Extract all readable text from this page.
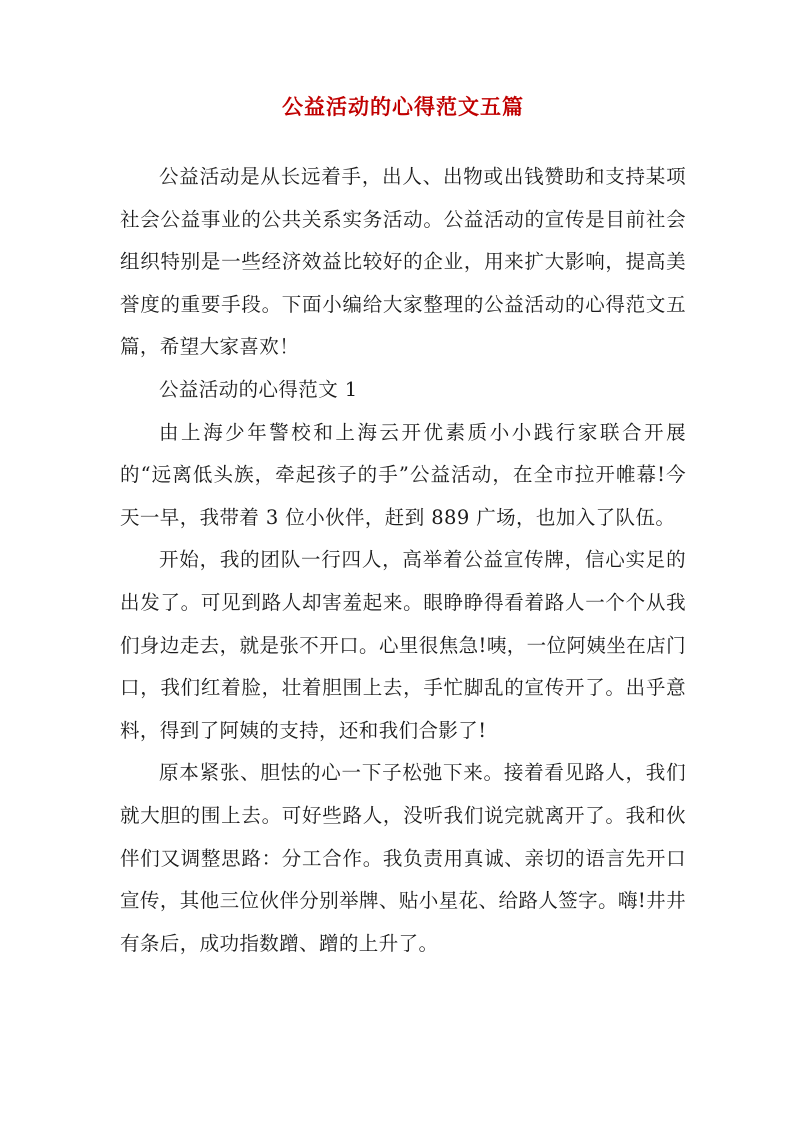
公益活动的心得范文五篇

公益活动是从长远着手，出人、出物或出钱赞助和支持某项社会公益事业的公共关系实务活动。公益活动的宣传是目前社会组织特别是一些经济效益比较好的企业，用来扩大影响，提高美誉度的重要手段。下面小编给大家整理的公益活动的心得范文五篇，希望大家喜欢！

公益活动的心得范文 1

由上海少年警校和上海云开优素质小小践行家联合开展的“远离低头族，牵起孩子的手”公益活动，在全市拉开帷幕!今天一早，我带着 3 位小伙伴，赶到 889 广场，也加入了队伍。

开始，我的团队一行四人，高举着公益宣传牌，信心实足的出发了。可见到路人却害羞起来。眼睁睁得看着路人一个个从我们身边走去，就是张不开口。心里很焦急!咦，一位阿姨坐在店门口，我们红着脸，壮着胆围上去，手忙脚乱的宣传开了。出乎意料，得到了阿姨的支持，还和我们合影了!

原本紧张、胆怯的心一下子松弛下来。接着看见路人，我们就大胆的围上去。可好些路人，没听我们说完就离开了。我和伙伴们又调整思路：分工合作。我负责用真诚、亲切的语言先开口宣传，其他三位伙伴分别举牌、贴小星花、给路人签字。嗨!井井有条后，成功指数蹭、蹭的上升了。
